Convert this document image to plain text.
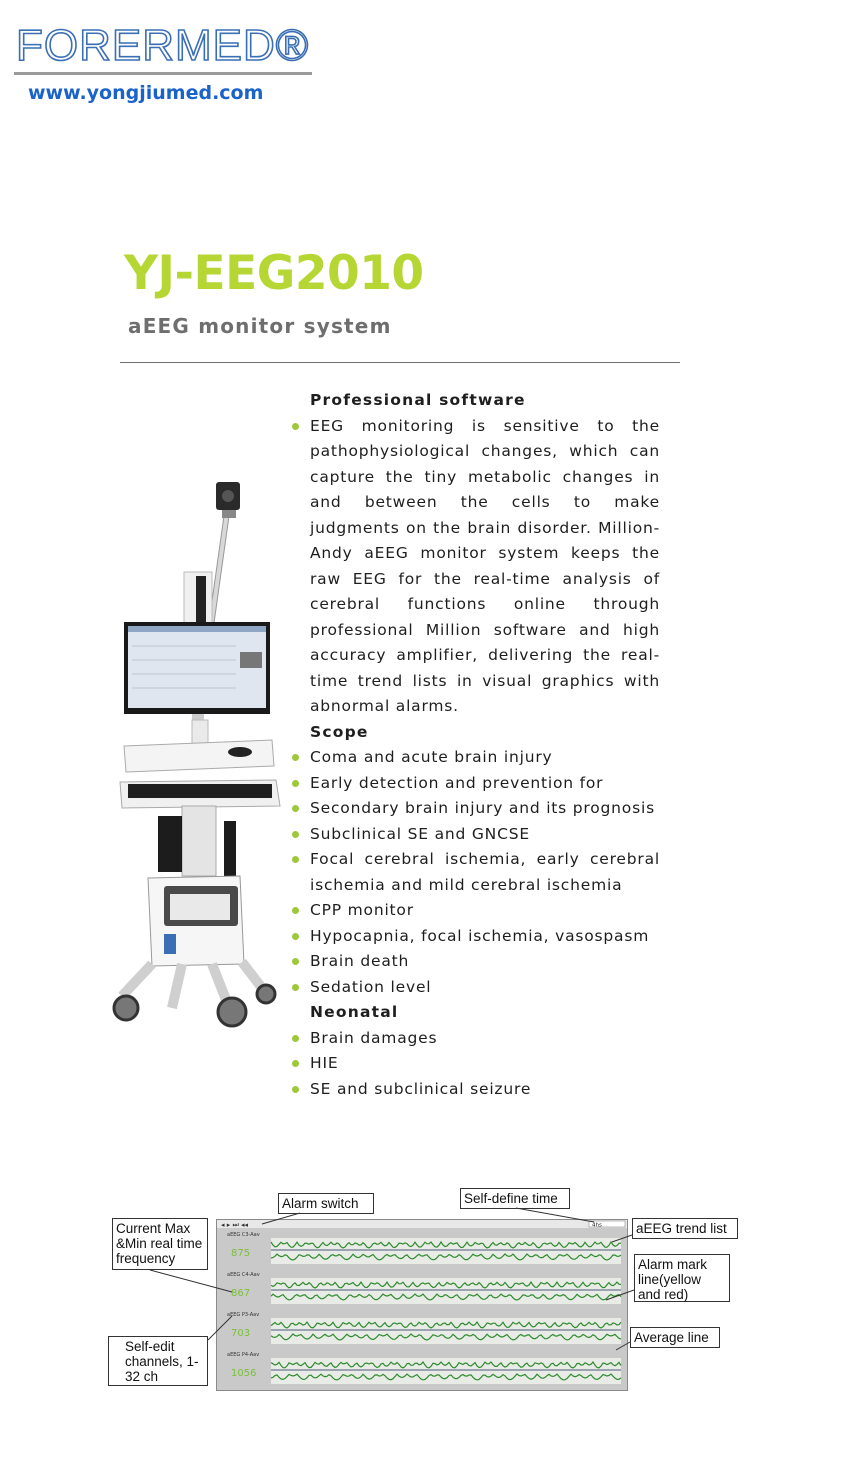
FORERMED®
www.yongjiumed.com
YJ-EEG2010
aEEG monitor system
Professional software
EEG monitoring is sensitive to the pathophysiological changes, which can capture the tiny metabolic changes in and between the cells to make judgments on the brain disorder. Million-Andy aEEG monitor system keeps the raw EEG for the real-time analysis of cerebral functions online through professional Million software and high accuracy amplifier, delivering the real-time trend lists in visual graphics with abnormal alarms.
Scope
Coma and acute brain injury
Early detection and prevention for
Secondary brain injury and its prognosis
Subclinical SE and GNCSE
Focal cerebral ischemia, early cerebral ischemia and mild cerebral ischemia
CPP monitor
Hypocapnia, focal ischemia, vasospasm
Brain death
Sedation level
Neonatal
Brain damages
HIE
SE and subclinical seizure
◂ ▸ ⏭ ◂◂	4hs
aEEG C3-Aav
875
aEEG C4-Aav
867
aEEG P3-Aav
703
aEEG P4-Aav
1056
Alarm switch	Self-define time
Current Max &Min real time frequency
aEEG trend list
Alarm mark line(yellow and red)
Self-edit channels, 1-32 ch
Average line
